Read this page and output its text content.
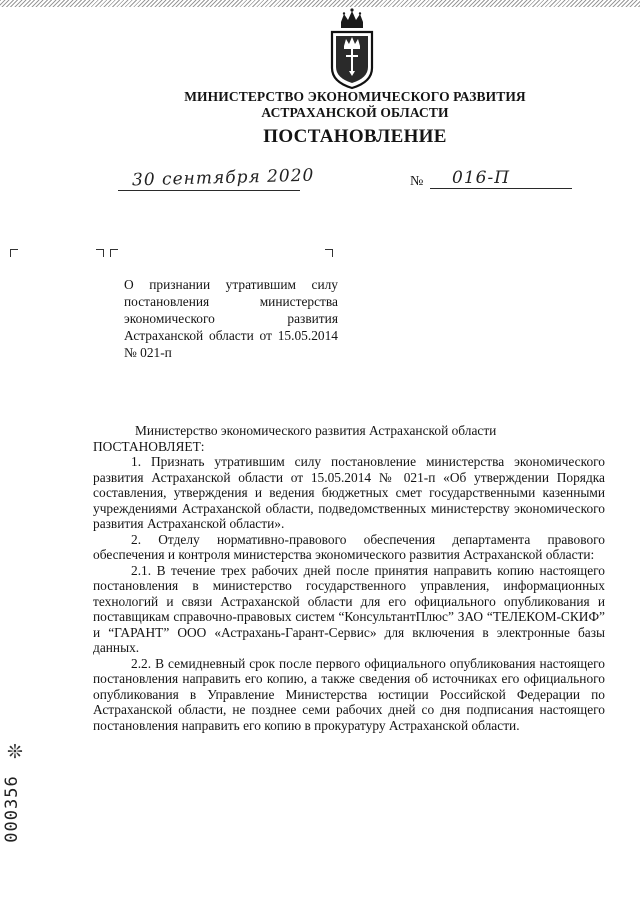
МИНИСТЕРСТВО ЭКОНОМИЧЕСКОГО РАЗВИТИЯ
АСТРАХАНСКОЙ ОБЛАСТИ
ПОСТАНОВЛЕНИЕ
30 сентября 2020	№ 016-П
О признании утратившим силу постановления министерства экономического развития Астраханской области от 15.05.2014 № 021-п

Министерство экономического развития Астраханской области

ПОСТАНОВЛЯЕТ:

1. Признать утратившим силу постановление министерства экономического развития Астраханской области от 15.05.2014 № 021-п «Об утверждении Порядка составления, утверждения и ведения бюджетных смет государственными казенными учреждениями Астраханской области, подведомственных министерству экономического развития Астраханской области».

2. Отделу нормативно-правового обеспечения департамента правового обеспечения и контроля министерства экономического развития Астраханской области:

2.1. В течение трех рабочих дней после принятия направить копию настоящего постановления в министерство государственного управления, информационных технологий и связи Астраханской области для его официального опубликования и поставщикам справочно-правовых систем “КонсультантПлюс” ЗАО “ТЕЛЕКОМ-СКИФ” и “ГАРАНТ” ООО «Астрахань-Гарант-Сервис» для включения в электронные базы данных.

2.2. В семидневный срок после первого официального опубликования настоящего постановления направить его копию, а также сведения об источниках его официального опубликования в Управление Министерства юстиции Российской Федерации по Астраханской области, не позднее семи рабочих дней со дня подписания настоящего постановления направить его копию в прокуратуру Астраханской области.

❊
000356
